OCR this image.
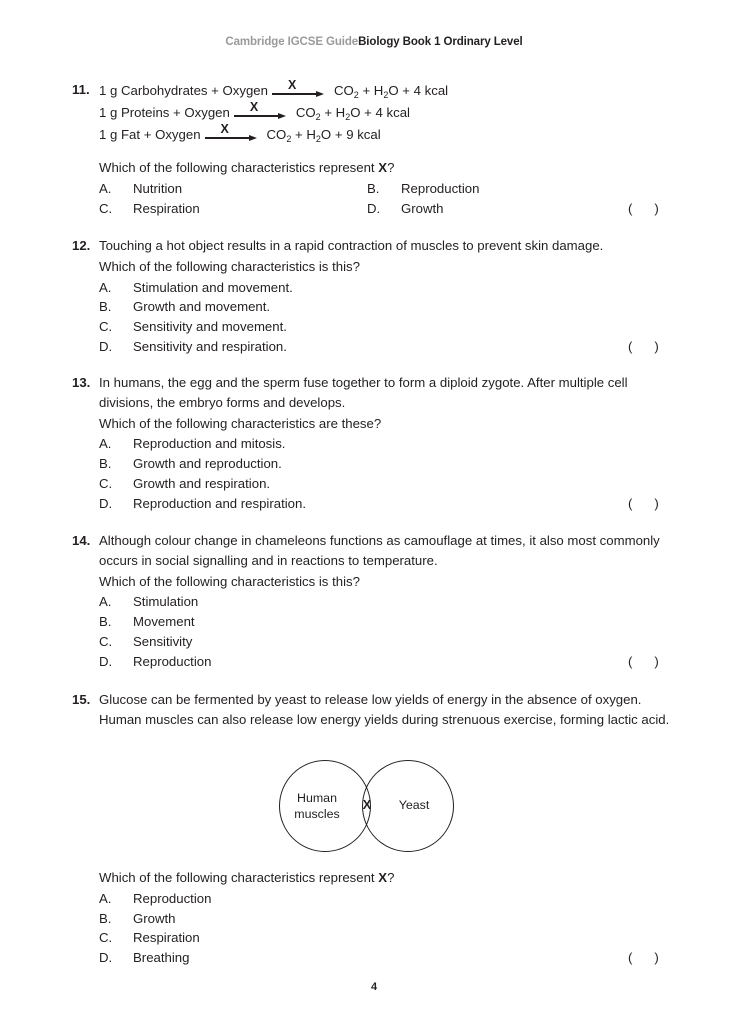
Cambridge IGCSE GuideBiology Book 1 Ordinary Level
11. 1 g Carbohydrates + Oxygen X	$CO_2 + H_2O + 4$ kcal
1 g Proteins + Oxygen X	$CO_2 + H_2O + 4$ kcal
1 g Fat + Oxygen X	$CO_2 + H_2O + 9$ kcal
Which of the following characteristics represent X?
A. Nutrition	B. Reproduction
C. Respiration	D. Growth	(      )
12. Touching a hot object results in a rapid contraction of muscles to prevent skin damage.
Which of the following characteristics is this?
A. Stimulation and movement.
B. Growth and movement.
C. Sensitivity and movement.
D. Sensitivity and respiration.	(      )
13. In humans, the egg and the sperm fuse together to form a diploid zygote. After multiple cell divisions, the embryo forms and develops.
Which of the following characteristics are these?
A. Reproduction and mitosis.
B. Growth and reproduction.
C. Growth and respiration.
D. Reproduction and respiration.	(      )
14. Although colour change in chameleons functions as camouflage at times, it also most commonly occurs in social signalling and in reactions to temperature.
Which of the following characteristics is this?
A. Stimulation
B. Movement
C. Sensitivity
D. Reproduction	(      )
15. Glucose can be fermented by yeast to release low yields of energy in the absence of oxygen. Human muscles can also release low energy yields during strenuous exercise, forming lactic acid.
Human
muscles
X	Yeast
Which of the following characteristics represent X?
A. Reproduction
B. Growth
C. Respiration
D. Breathing	(      )
4
